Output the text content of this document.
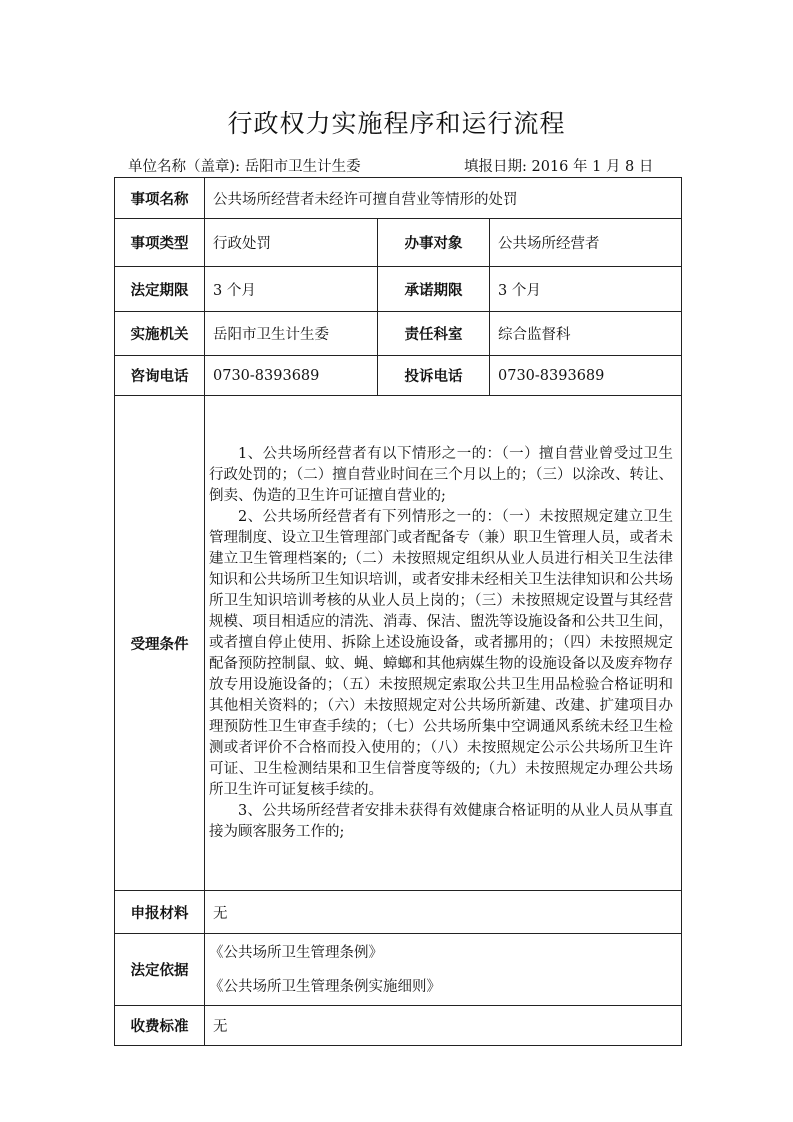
行政权力实施程序和运行流程
单位名称（盖章): 岳阳市卫生计生委	填报日期: 2016 年 1 月 8 日
事项名称	公共场所经营者未经许可擅自营业等情形的处罚		
事项类型	行政处罚	办事对象	公共场所经营者
法定期限	3 个月	承诺期限	3 个月
实施机关	岳阳市卫生计生委	责任科室	综合监督科
咨询电话	0730-8393689	投诉电话	0730-8393689
受理条件	1、公共场所经营者有以下情形之一的：（一）擅自营业曾受过卫生行政处罚的；（二）擅自营业时间在三个月以上的；（三）以涂改、转让、倒卖、伪造的卫生许可证擅自营业的;

2、公共场所经营者有下列情形之一的：（一）未按照规定建立卫生管理制度、设立卫生管理部门或者配备专（兼）职卫生管理人员，或者未建立卫生管理档案的;（二）未按照规定组织从业人员进行相关卫生法律知识和公共场所卫生知识培训，或者安排未经相关卫生法律知识和公共场所卫生知识培训考核的从业人员上岗的；（三）未按照规定设置与其经营规模、项目相适应的清洗、消毒、保洁、盥洗等设施设备和公共卫生间，或者擅自停止使用、拆除上述设施设备，或者挪用的；（四）未按照规定配备预防控制鼠、蚊、蝇、蟑螂和其他病媒生物的设施设备以及废弃物存放专用设施设备的；（五）未按照规定索取公共卫生用品检验合格证明和其他相关资料的；（六）未按照规定对公共场所新建、改建、扩建项目办理预防性卫生审查手续的；（七）公共场所集中空调通风系统未经卫生检测或者评价不合格而投入使用的；（八）未按照规定公示公共场所卫生许可证、卫生检测结果和卫生信誉度等级的;（九）未按照规定办理公共场所卫生许可证复核手续的。

3、公共场所经营者安排未获得有效健康合格证明的从业人员从事直接为顾客服务工作的;		

申报材料	无		
法定依据	《公共场所卫生管理条例》
《公共场所卫生管理条例实施细则》		

收费标准	无		
